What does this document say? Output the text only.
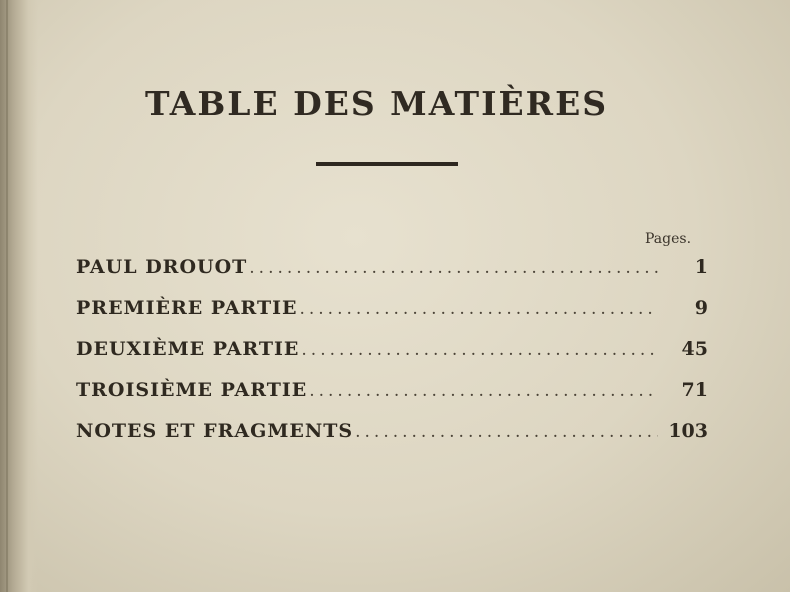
TABLE DES MATIÈRES
Pages.
PAUL DROUOT .....	1
PREMIÈRE PARTIE .....	9
DEUXIÈME PARTIE .....	45
TROISIÈME PARTIE .....	71
NOTES ET FRAGMENTS .....	103
